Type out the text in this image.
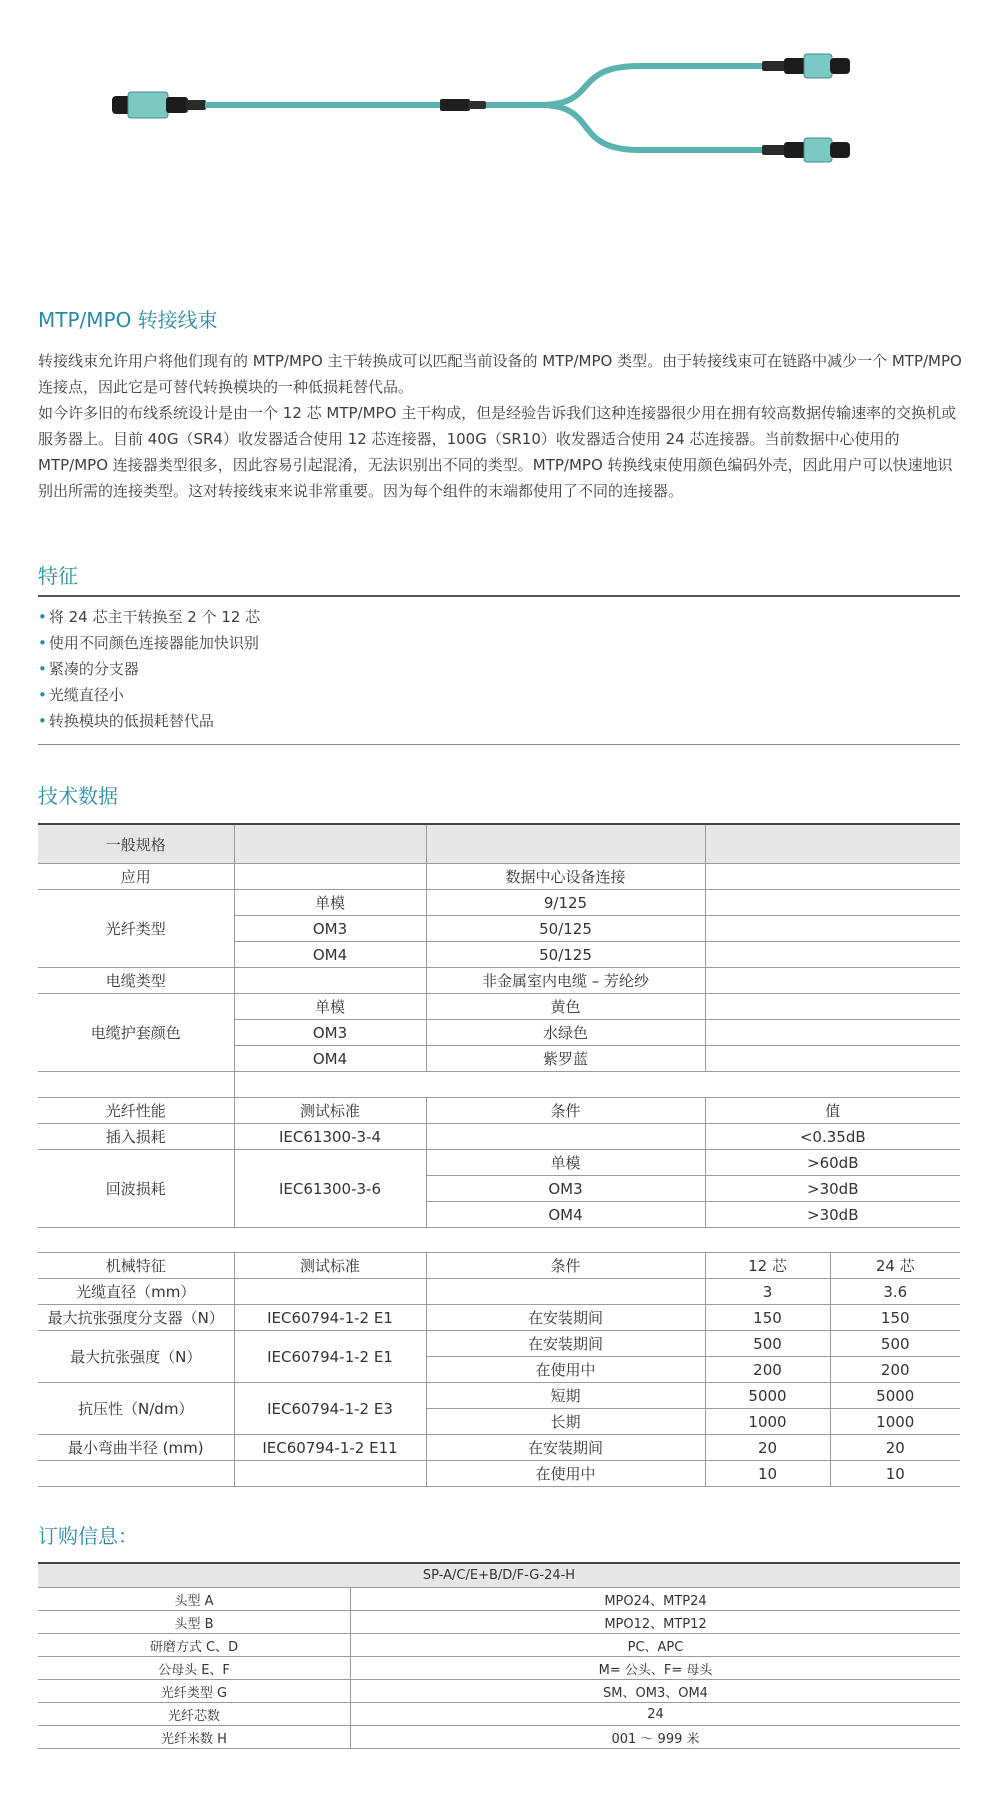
MTP/MPO 转接线束

转接线束允许用户将他们现有的 MTP/MPO 主干转换成可以匹配当前设备的 MTP/MPO 类型。由于转接线束可在链路中减少一个 MTP/MPO 连接点，因此它是可替代转换模块的一种低损耗替代品。

如今许多旧的布线系统设计是由一个 12 芯 MTP/MPO 主干构成，但是经验告诉我们这种连接器很少用在拥有较高数据传输速率的交换机或服务器上。目前 40G（SR4）收发器适合使用 12 芯连接器，100G（SR10）收发器适合使用 24 芯连接器。当前数据中心使用的 MTP/MPO 连接器类型很多，因此容易引起混淆，无法识别出不同的类型。MTP/MPO 转换线束使用颜色编码外壳，因此用户可以快速地识别出所需的连接类型。这对转接线束来说非常重要。因为每个组件的末端都使用了不同的连接器。

特征
• 将 24 芯主干转换至 2 个 12 芯
• 使用不同颜色连接器能加快识别
• 紧凑的分支器
• 光缆直径小
• 转换模块的低损耗替代品
技术数据
一般规格				
应用		数据中心设备连接		
光纤类型	单模	9/125		
	OM3	50/125		
	OM4	50/125		
电缆类型		非金属室内电缆 – 芳纶纱		
电缆护套颜色	单模	黄色		
	OM3	水绿色		
	OM4	紫罗蓝		

光纤性能	测试标准	条件	值	
插入损耗	IEC61300-3-4		<0.35dB	
回波损耗	IEC61300-3-6	单模	>60dB	
		OM3	>30dB	
		OM4	>30dB	

机械特征	测试标准	条件	12 芯	24 芯
光缆直径（mm）			3	3.6
最大抗张强度分支器（N）	IEC60794-1-2 E1	在安装期间	150	150
最大抗张强度（N）	IEC60794-1-2 E1	在安装期间	500	500
		在使用中	200	200
抗压性（N/dm）	IEC60794-1-2 E3	短期	5000	5000
		长期	1000	1000
最小弯曲半径 (mm)	IEC60794-1-2 E11	在安装期间	20	20
		在使用中	10	10
订购信息：
SP-A/C/E+B/D/F-G-24-H	
头型 A	MPO24、MTP24
头型 B	MPO12、MTP12
研磨方式 C、D	PC、APC
公母头 E、F	M= 公头、F= 母头
光纤类型 G	SM、OM3、OM4
光纤芯数	24
光纤米数 H	001 ～ 999 米
